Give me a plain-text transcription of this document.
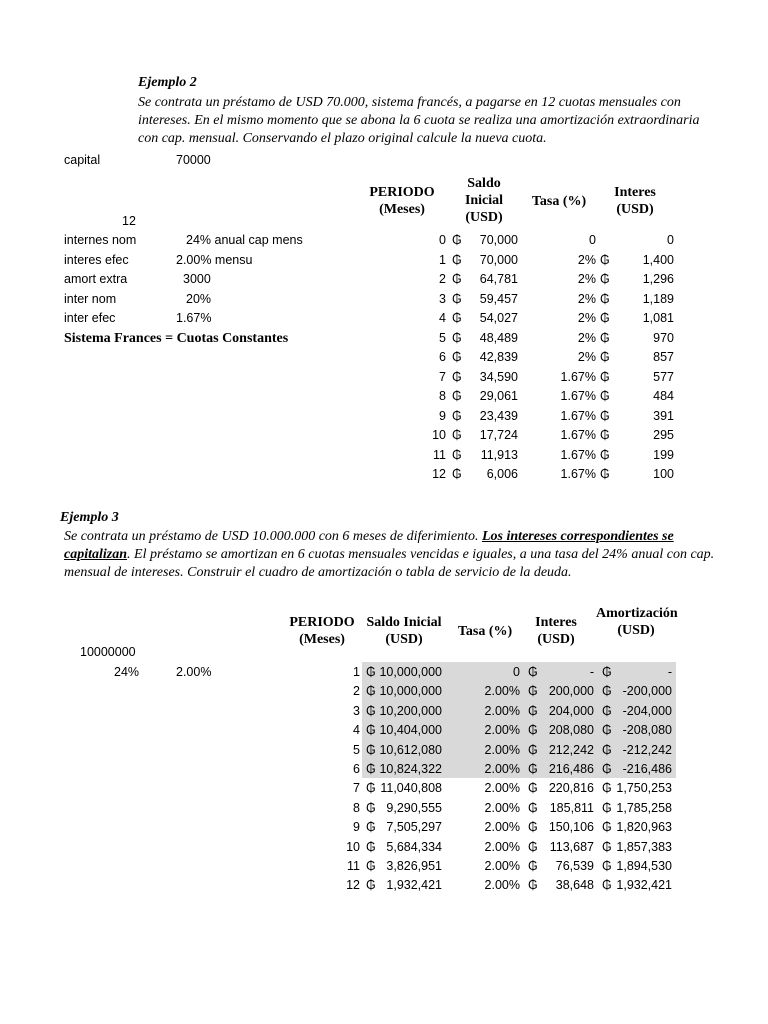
Ejemplo 2
Se contrata un préstamo de USD 70.000, sistema francés, a pagarse en 12 cuotas mensuales con
intereses. En el mismo momento que se abona la 6 cuota se realiza una amortización extraordinaria
con cap. mensual. Conservando el plazo original calcule la nueva cuota.
capital	70000
12
internes nom	24% anual cap mens
interes efec	2.00% mensu
amort extra	3000
inter nom	20%
inter efec	1.67%
Sistema Frances = Cuotas Constantes
PERIODO (Meses)
Saldo Inicial (USD)
Tasa (%)
Interes (USD)
0 ₲	70,000	0	0
1 ₲	70,000	2% ₲	1,400
2 ₲	64,781	2% ₲	1,296
3 ₲	59,457	2% ₲	1,189
4 ₲	54,027	2% ₲	1,081
5 ₲	48,489	2% ₲	970
6 ₲	42,839	2% ₲	857
7 ₲	34,590	1.67% ₲	577
8 ₲	29,061	1.67% ₲	484
9 ₲	23,439	1.67% ₲	391
10 ₲	17,724	1.67% ₲	295
11 ₲	11,913	1.67% ₲	199
12 ₲	6,006	1.67% ₲	100
Ejemplo 3
Se contrata un préstamo de USD 10.000.000 con 6 meses de diferimiento. Los intereses correspondientes se
capitalizan. El préstamo se amortizan en 6 cuotas mensuales vencidas e iguales, a una tasa del 24% anual con cap.
mensual de intereses. Construir el cuadro de amortización o tabla de servicio de la deuda.
10000000
24%	2.00%
PERIODO (Meses)
Saldo Inicial (USD)
Tasa (%)
Interes (USD)
Amortización (USD)
1 ₲ 10,000,000	0 ₲	- ₲	-
2 ₲ 10,000,000	2.00% ₲ 200,000 ₲ -200,000
3 ₲ 10,200,000	2.00% ₲ 204,000 ₲ -204,000
4 ₲ 10,404,000	2.00% ₲ 208,080 ₲ -208,080
5 ₲ 10,612,080	2.00% ₲ 212,242 ₲ -212,242
6 ₲ 10,824,322	2.00% ₲ 216,486 ₲ -216,486
7 ₲ 11,040,808	2.00% ₲ 220,816 ₲ 1,750,253
8 ₲ 9,290,555	2.00% ₲ 185,811 ₲ 1,785,258
9 ₲ 7,505,297	2.00% ₲ 150,106 ₲ 1,820,963
10 ₲ 5,684,334	2.00% ₲ 113,687 ₲ 1,857,383
11 ₲ 3,826,951	2.00% ₲	76,539 ₲ 1,894,530
12 ₲ 1,932,421	2.00% ₲	38,648 ₲ 1,932,421
